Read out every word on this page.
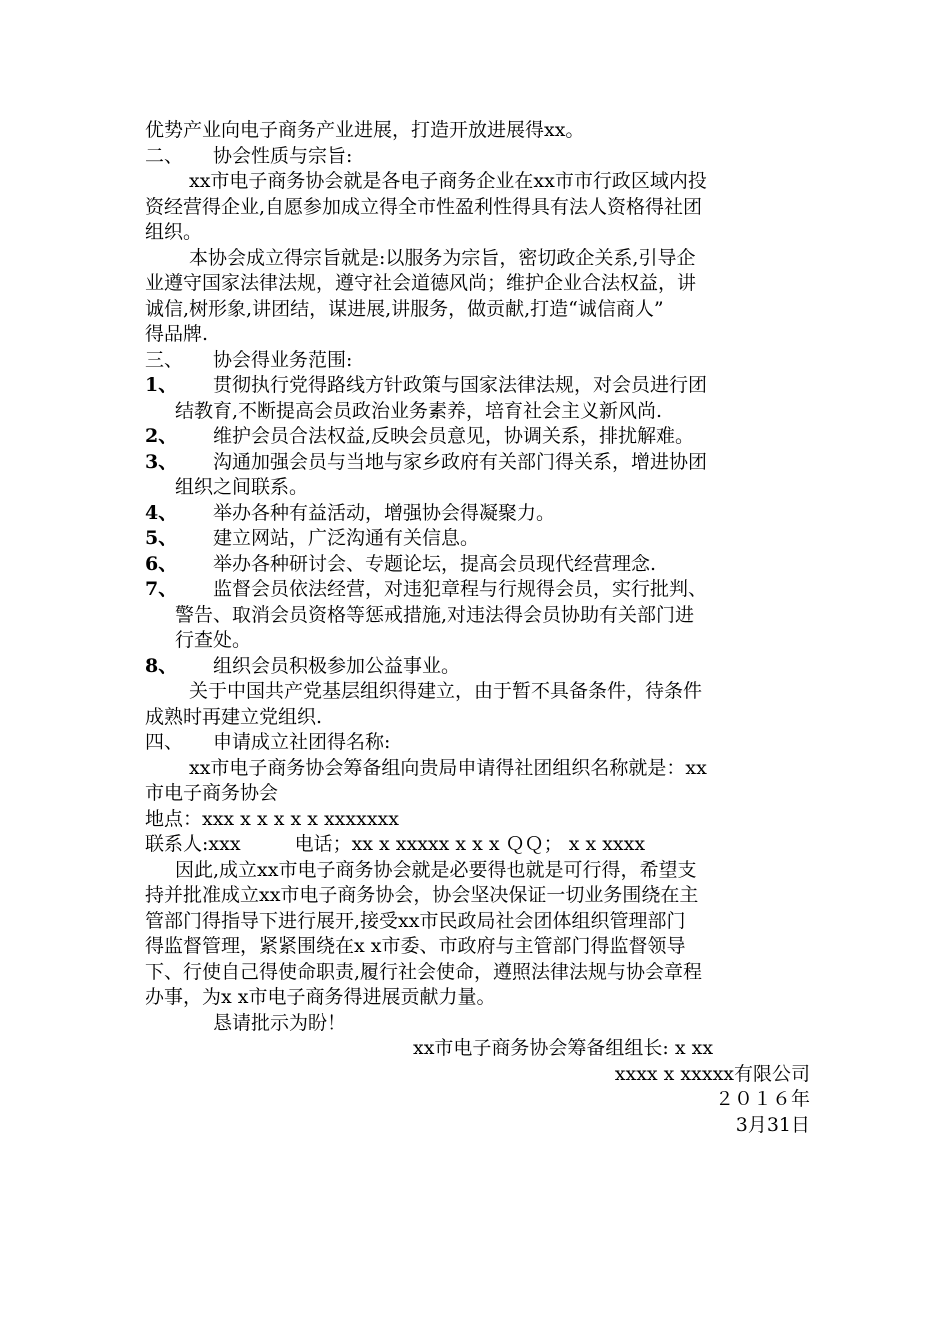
优势产业向电子商务产业进展，打造开放进展得xx。
二、 协会性质与宗旨:
xx市电子商务协会就是各电子商务企业在xx市市行政区域内投
资经营得企业,自愿参加成立得全市性盈利性得具有法人资格得社团
组织。
本协会成立得宗旨就是:以服务为宗旨，密切政企关系,引导企
业遵守国家法律法规，遵守社会道德风尚；维护企业合法权益，讲
诚信,树形象,讲团结，谋进展,讲服务，做贡献,打造“诚信商人”
得品牌.
三、 协会得业务范围:
1、 贯彻执行党得路线方针政策与国家法律法规，对会员进行团
结教育,不断提高会员政治业务素养，培育社会主义新风尚.
2、 维护会员合法权益,反映会员意见，协调关系，排扰解难。
3、 沟通加强会员与当地与家乡政府有关部门得关系，增进协团
组织之间联系。
4、 举办各种有益活动，增强协会得凝聚力。
5、 建立网站，广泛沟通有关信息。
6、 举办各种研讨会、专题论坛，提高会员现代经营理念.
7、 监督会员依法经营，对违犯章程与行规得会员，实行批判、
警告、取消会员资格等惩戒措施,对违法得会员协助有关部门进
行查处。
8、 组织会员积极参加公益事业。
关于中国共产党基层组织得建立，由于暂不具备条件，待条件
成熟时再建立党组织.
四、 申请成立社团得名称:
xx市电子商务协会筹备组向贵局申请得社团组织名称就是：xx
市电子商务协会
地点：xxx x x x x x xxxxxxx
联系人:xxx	电话；xx x xxxxx x x x ＱＱ； x x xxxx
因此,成立xx市电子商务协会就是必要得也就是可行得，希望支
持并批准成立xx市电子商务协会，协会坚决保证一切业务围绕在主
管部门得指导下进行展开,接受xx市民政局社会团体组织管理部门
得监督管理，紧紧围绕在x x市委、市政府与主管部门得监督领导
下、行使自己得使命职责,履行社会使命，遵照法律法规与协会章程
办事，为x x市电子商务得进展贡献力量。
恳请批示为盼！
xx市电子商务协会筹备组组长: x xx
xxxx x xxxxx有限公司
２０１６年
3月31日
